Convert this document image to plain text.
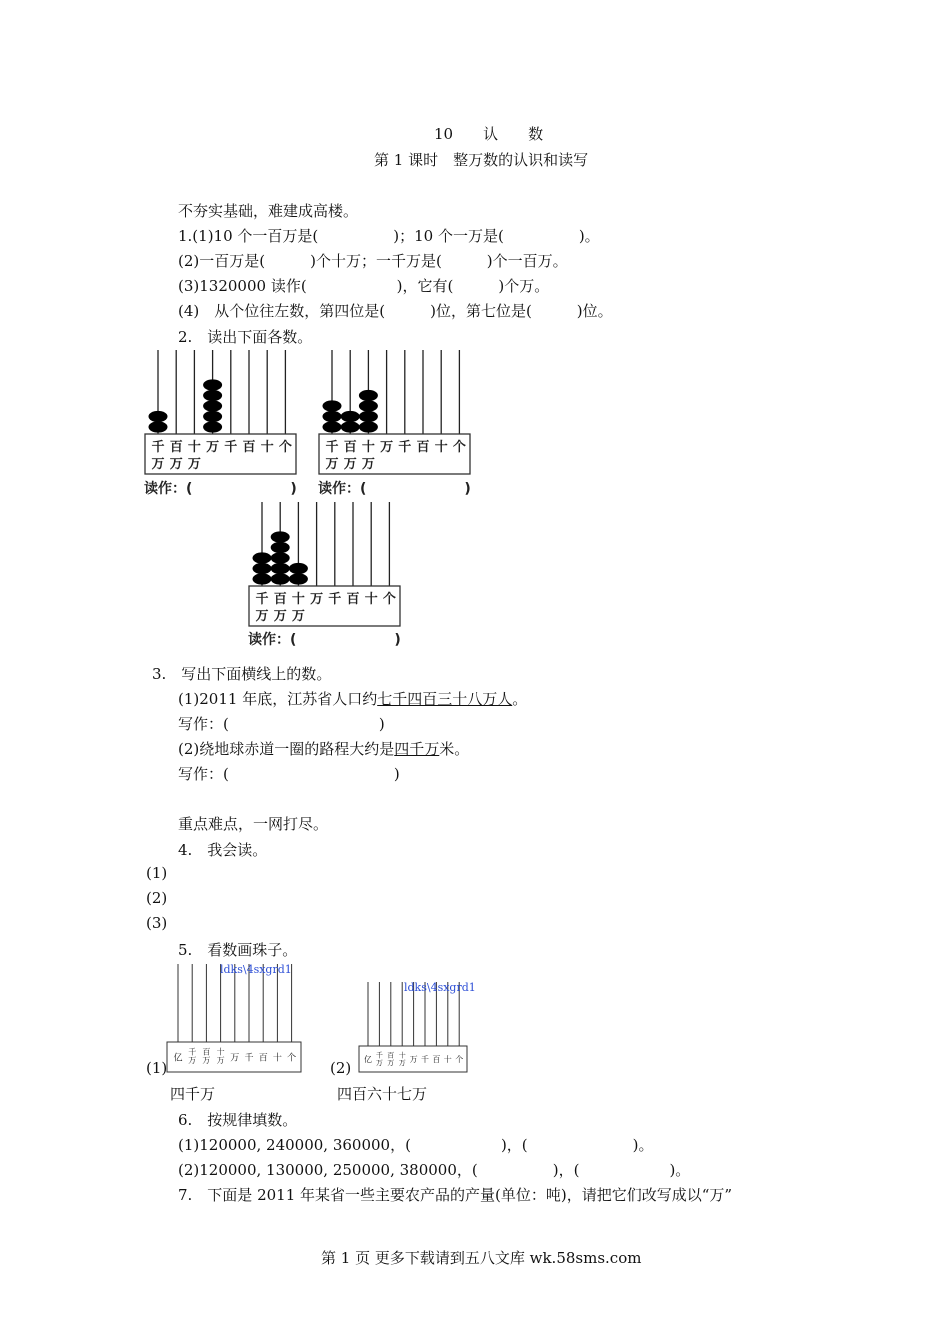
10　　认　　数
第 1 课时　整万数的认识和读写
不夯实基础，难建成高楼。
1.(1)10 个一百万是(　　　　　)；10 个一万是(　　　　　)。
(2)一百万是(　　　)个十万；一千万是(　　　)个一百万。
(3)1320000 读作(　　　　　　)，它有(　　　)个万。
(4)　从个位往左数，第四位是(　　　)位，第七位是(　　　)位。
2.　读出下面各数。
千 百 十 万 千 百 十 个
万 万 万
千 百 十 万 千 百 十 个
万 万 万
千 百 十 万 千 百 十 个
万 万 万
读作：(　　　　　　　) 读作：(　　　　　　　)
读作：(　　　　　　　)
3.　写出下面横线上的数。
(1)2011 年底，江苏省人口约七千四百三十八万人。
写作：(　　　　　　　　　　)
(2)绕地球赤道一圈的路程大约是四千万米。
写作：(　　　　　　　　　　　)
重点难点，一网打尽。
4.　我会读。
(1)
(2)
(3)
5.　看数画珠子。
亿
千
万
百
万
十
万 万 千 百 十 个	亿 千
万
百
万
十
万 万 千 百 十 个
ldks\4sxgrd1
ldks\4sxgrd1
(1)	(2)
四千万	四百六十七万
6.　按规律填数。
(1)120000, 240000, 360000，(　　　　　　)，(　　　　　　　)。
(2)120000, 130000, 250000, 380000，(　　　　　)，(　　　　　　)。
7.　下面是 2011 年某省一些主要农产品的产量(单位：吨)，请把它们改写成以“万”
第 1 页 更多下载请到五八文库 wk.58sms.com
